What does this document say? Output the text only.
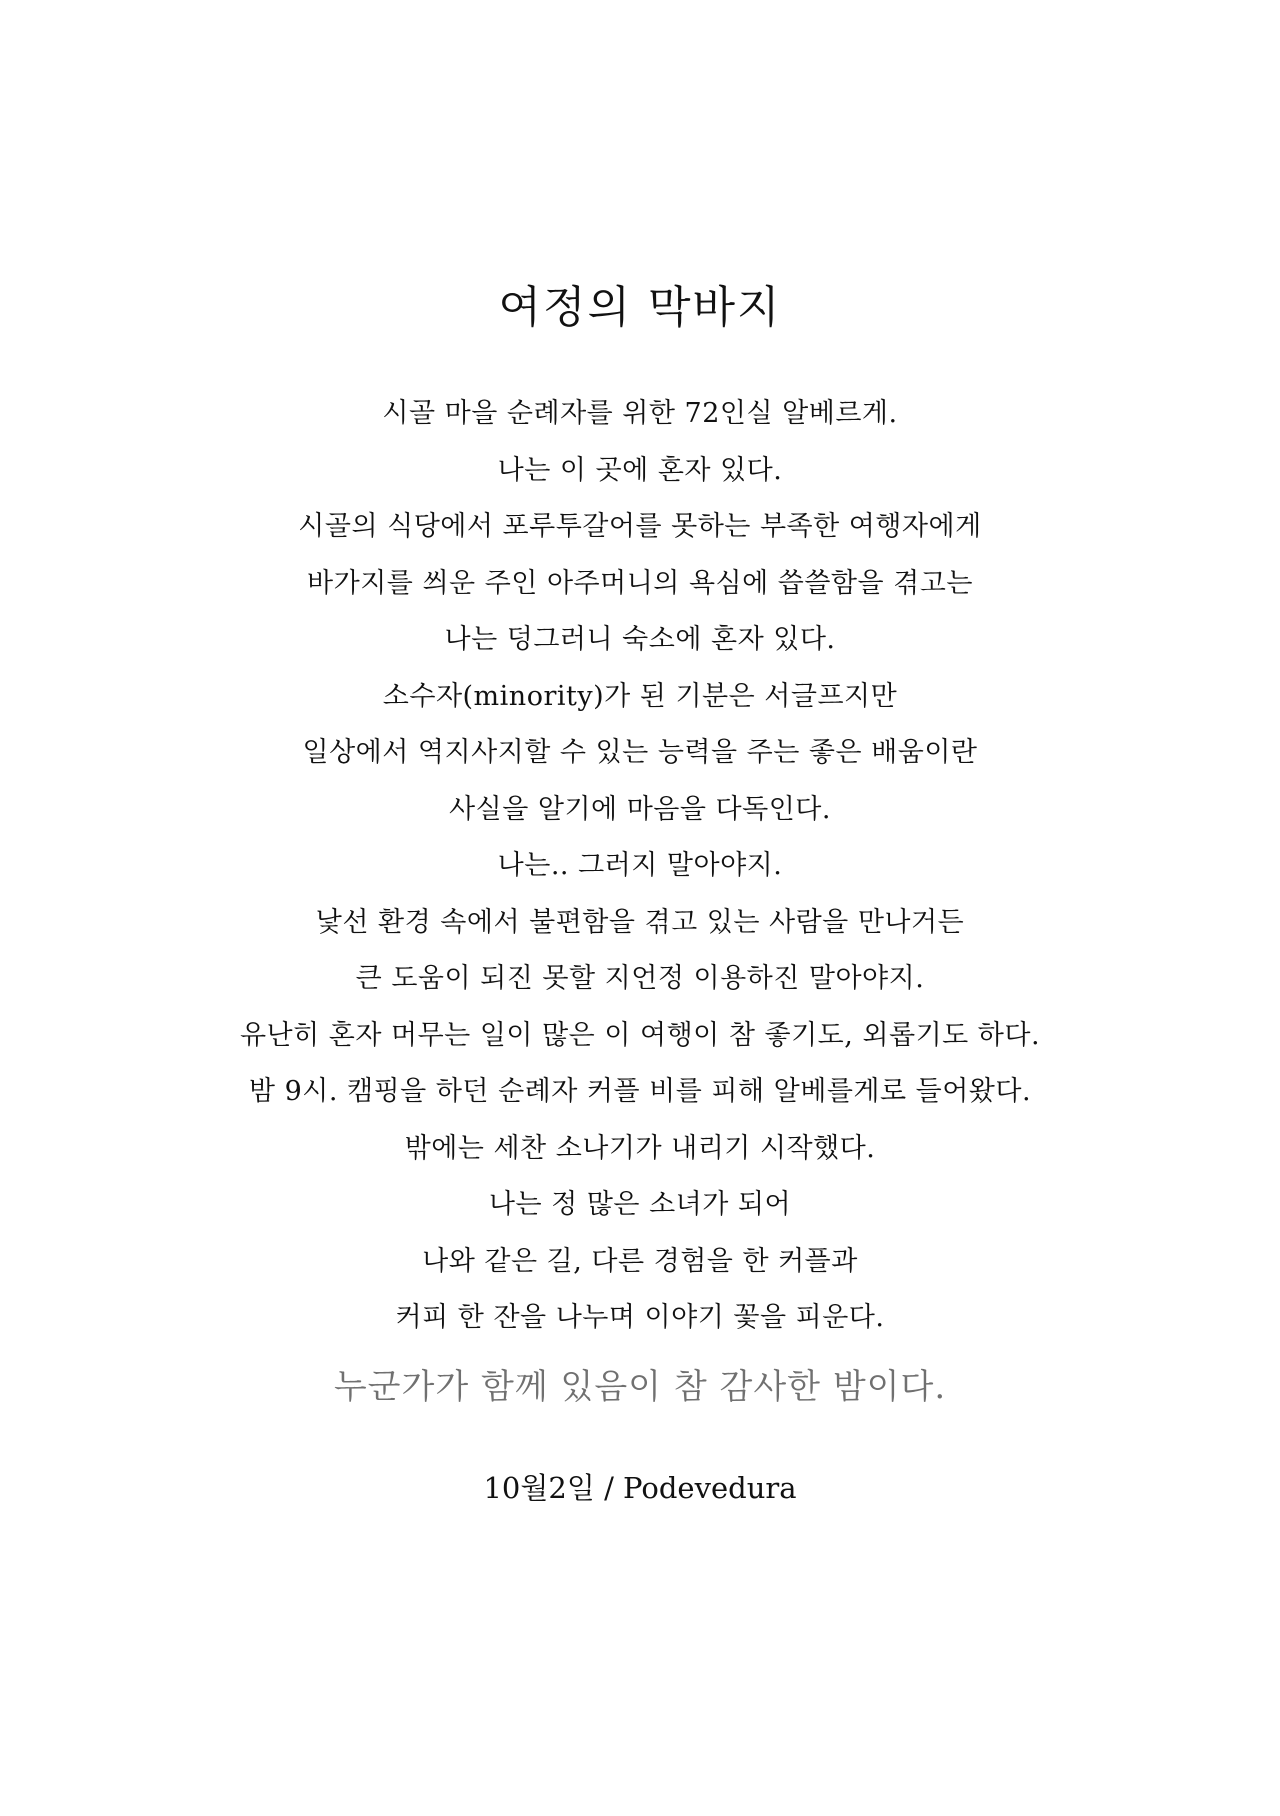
여정의 막바지
시골 마을 순례자를 위한 72인실 알베르게.
나는 이 곳에 혼자 있다.
시골의 식당에서 포루투갈어를 못하는 부족한 여행자에게
바가지를 씌운 주인 아주머니의 욕심에 씁쓸함을 겪고는
나는 덩그러니 숙소에 혼자 있다.
소수자(minority)가 된 기분은 서글프지만
일상에서 역지사지할 수 있는 능력을 주는 좋은 배움이란
사실을 알기에 마음을 다독인다.
나는.. 그러지 말아야지.
낯선 환경 속에서 불편함을 겪고 있는 사람을 만나거든
큰 도움이 되진 못할 지언정 이용하진 말아야지.
유난히 혼자 머무는 일이 많은 이 여행이 참 좋기도, 외롭기도 하다.
밤 9시. 캠핑을 하던 순례자 커플 비를 피해 알베를게로 들어왔다.
밖에는 세찬 소나기가 내리기 시작했다.
나는 정 많은 소녀가 되어
나와 같은 길, 다른 경험을 한 커플과
커피 한 잔을 나누며 이야기 꽃을 피운다.

누군가가 함께 있음이 참 감사한 밤이다.

10월2일 / Podevedura
